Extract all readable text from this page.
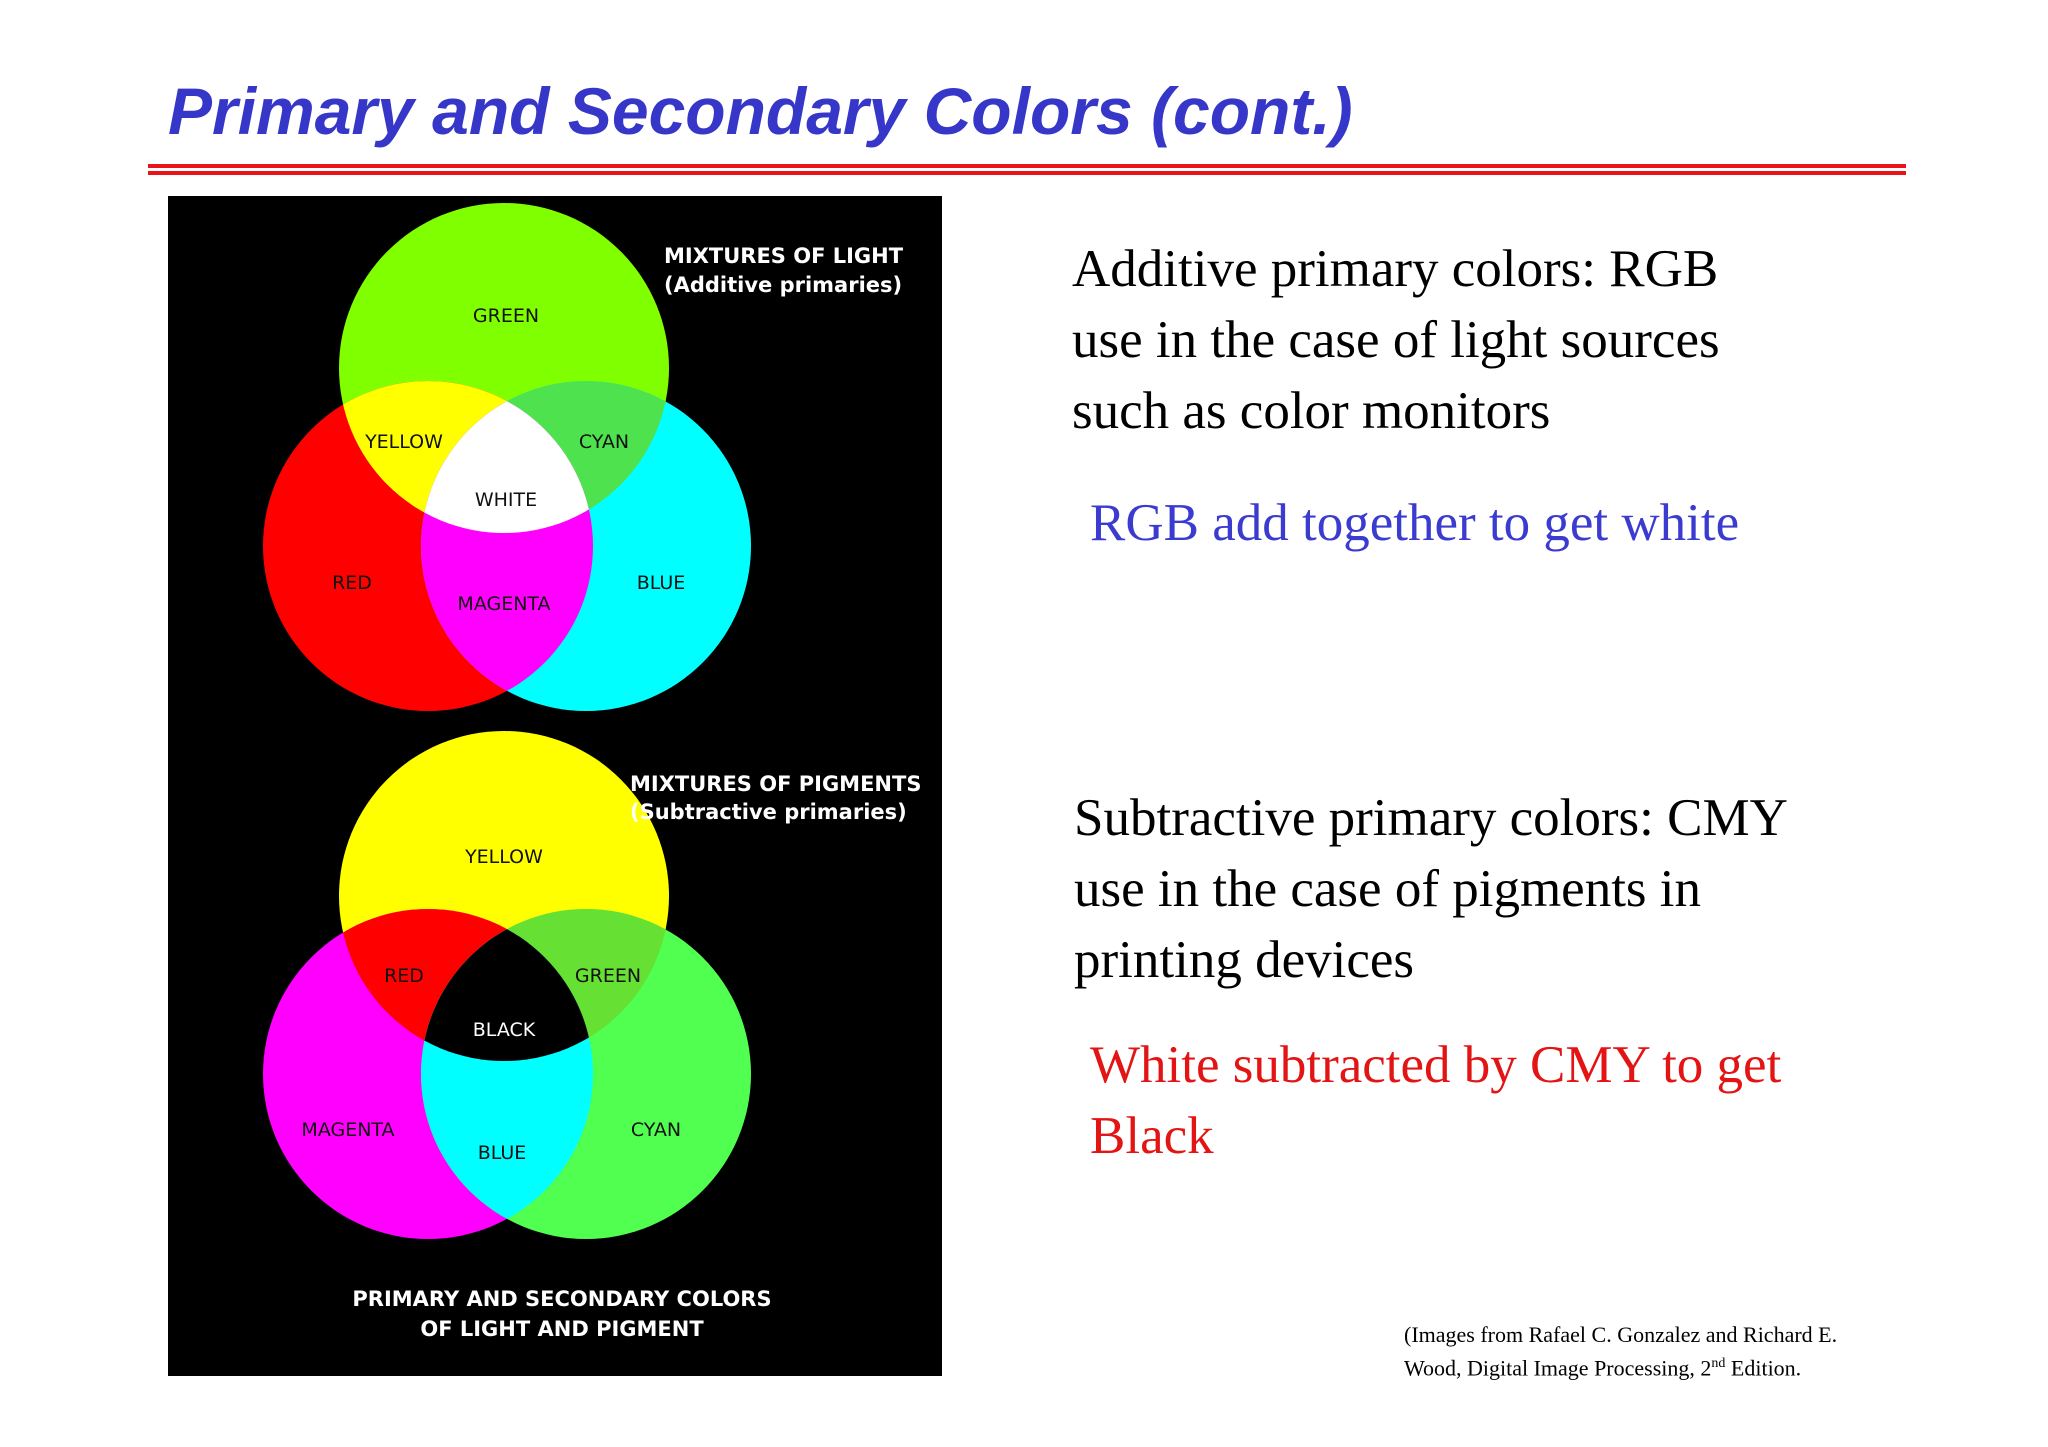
Primary and Secondary Colors (cont.)
GREEN
YELLOW	CYAN
WHITE
RED
MAGENTA
BLUE
MIXTURES OF LIGHT
(Additive primaries)
YELLOW
RED	GREEN
BLACK
MAGENTA
BLUE
CYAN
MIXTURES OF PIGMENTS
(Subtractive primaries)
PRIMARY AND SECONDARY COLORS
OF LIGHT AND PIGMENT
Additive primary colors: RGB
use in the case of light sources
such as color monitors
RGB add together to get white
Subtractive primary colors: CMY
use in the case of pigments in
printing devices
White subtracted by CMY to get
Black
(Images from Rafael C. Gonzalez and Richard E.
Wood, Digital Image Processing, 2nd Edition.
